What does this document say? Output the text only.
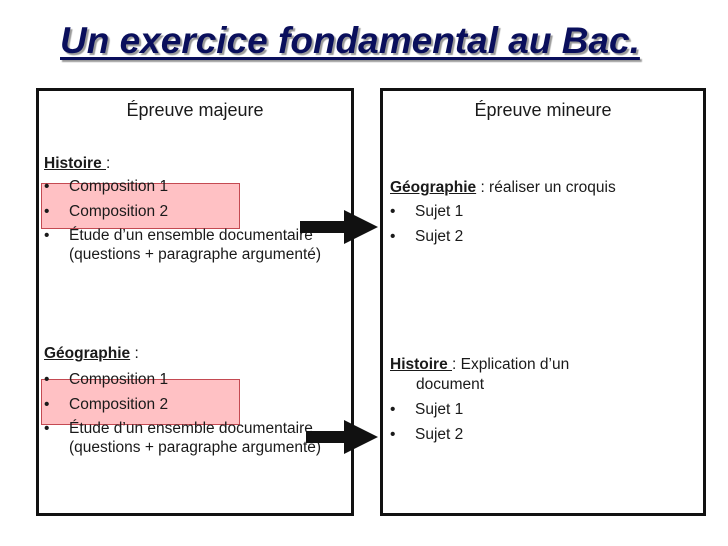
Un exercice fondamental au Bac.
Épreuve majeure
Histoire :
• Composition 1
• Composition 2
• Étude d’un ensemble documentaire (questions + paragraphe argumenté)
Géographie :
• Composition 1
• Composition 2
• Étude d’un ensemble documentaire (questions + paragraphe argumenté)
Épreuve mineure
Géographie : réaliser un croquis
• Sujet 1
• Sujet 2
Histoire : Explication d’un
document
• Sujet 1
• Sujet 2
